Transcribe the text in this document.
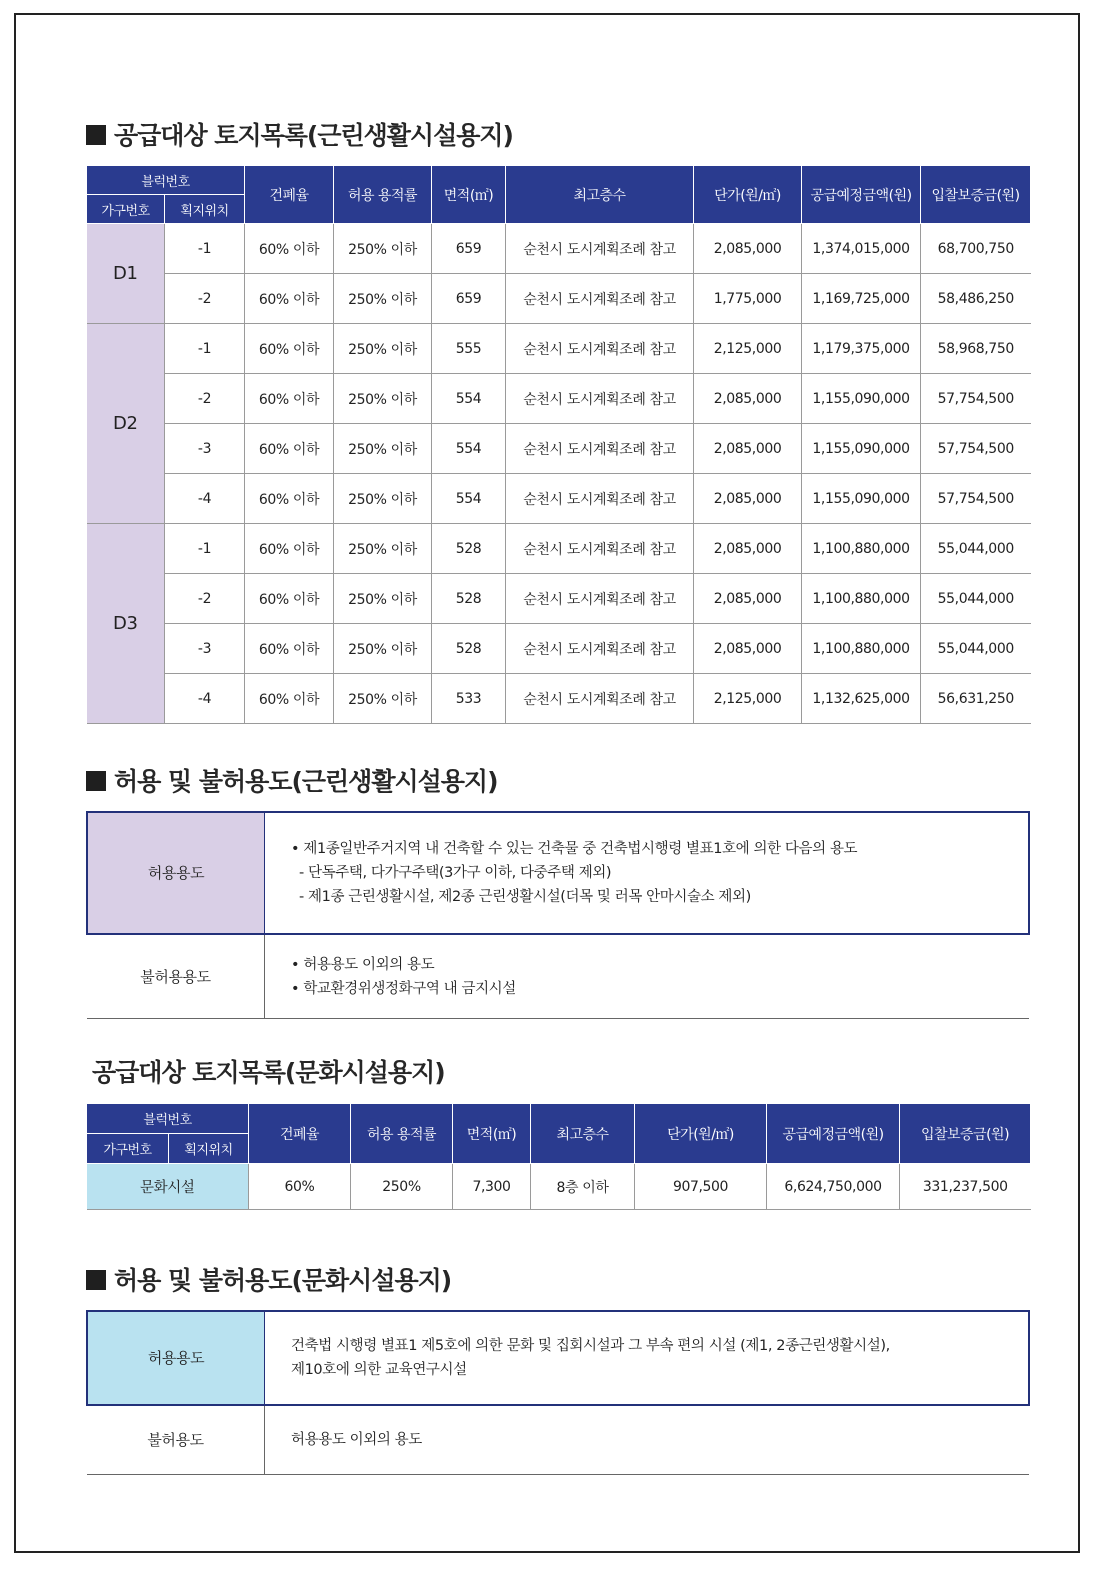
공급대상 토지목록(근린생활시설용지)
블럭번호		건폐율	허용 용적률	면적(㎡)	최고층수	단가(원/㎡)	공급예정금액(원)	입찰보증금(원)
가구번호	획지위치							
D1	-1	60% 이하	250% 이하	659	순천시 도시계획조례 참고	2,085,000	1,374,015,000	68,700,750
	-2	60% 이하	250% 이하	659	순천시 도시계획조례 참고	1,775,000	1,169,725,000	58,486,250
D2	-1	60% 이하	250% 이하	555	순천시 도시계획조례 참고	2,125,000	1,179,375,000	58,968,750
	-2	60% 이하	250% 이하	554	순천시 도시계획조례 참고	2,085,000	1,155,090,000	57,754,500
	-3	60% 이하	250% 이하	554	순천시 도시계획조례 참고	2,085,000	1,155,090,000	57,754,500
	-4	60% 이하	250% 이하	554	순천시 도시계획조례 참고	2,085,000	1,155,090,000	57,754,500
D3	-1	60% 이하	250% 이하	528	순천시 도시계획조례 참고	2,085,000	1,100,880,000	55,044,000
	-2	60% 이하	250% 이하	528	순천시 도시계획조례 참고	2,085,000	1,100,880,000	55,044,000
	-3	60% 이하	250% 이하	528	순천시 도시계획조례 참고	2,085,000	1,100,880,000	55,044,000
	-4	60% 이하	250% 이하	533	순천시 도시계획조례 참고	2,125,000	1,132,625,000	56,631,250
허용 및 불허용도(근린생활시설용지)
허용용도	• 제1종일반주거지역 내 건축할 수 있는 건축물 중 건축법시행령 별표1호에 의한 다음의 용도
- 단독주택, 다가구주택(3가구 이하, 다중주택 제외)
- 제1종 근린생활시설, 제2종 근린생활시설(더목 및 러목 안마시술소 제외)

불허용용도	• 허용용도 이외의 용도
• 학교환경위생정화구역 내 금지시설
공급대상 토지목록(문화시설용지)
블럭번호		건폐율	허용 용적률	면적(㎡)	최고층수	단가(원/㎡)	공급예정금액(원)	입찰보증금(원)
가구번호	획지위치							
문화시설		60%	250%	7,300	8층 이하	907,500	6,624,750,000	331,237,500
허용 및 불허용도(문화시설용지)
허용용도	건축법 시행령 별표1 제5호에 의한 문화 및 집회시설과 그 부속 편의 시설 (제1, 2종근린생활시설),
제10호에 의한 교육연구시설

불허용도	허용용도 이외의 용도
